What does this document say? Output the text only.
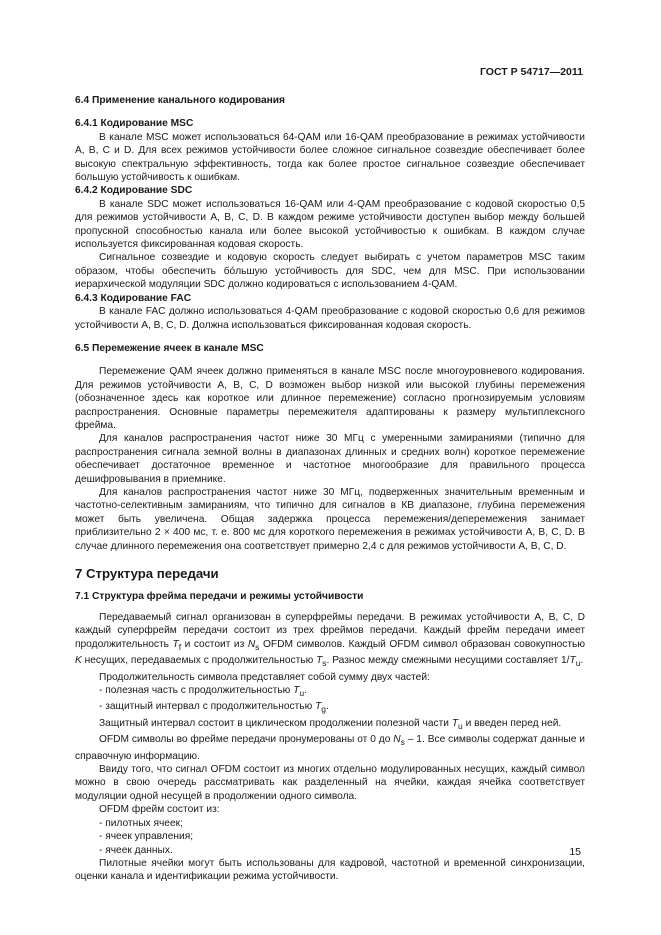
ГОСТ Р 54717—2011

6.4 Применение канального кодирования

6.4.1 Кодирование MSC

В канале MSC может использоваться 64-QAM или 16-QAM преобразование в режимах устойчивости A, B, C и D. Для всех режимов устойчивости более сложное сигнальное созвездие обеспечивает более высокую спектральную эффективность, тогда как более простое сигнальное созвездие обеспечивает большую устойчивость к ошибкам.

6.4.2 Кодирование SDC

В канале SDC может использоваться 16-QAM или 4-QAM преобразование с кодовой скоростью 0,5 для режимов устойчивости A, B, C, D. В каждом режиме устойчивости доступен выбор между большей пропускной способностью канала или более высокой устойчивостью к ошибкам. В каждом случае используется фиксированная кодовая скорость.

Сигнальное созвездие и кодовую скорость следует выбирать с учетом параметров MSC таким образом, чтобы обеспечить бóльшую устойчивость для SDC, чем для MSC. При использовании иерархической модуляции SDC должно кодироваться с использованием 4-QAM.

6.4.3 Кодирование FAC

В канале FAC должно использоваться 4-QAM преобразование с кодовой скоростью 0,6 для режимов устойчивости A, B, C, D. Должна использоваться фиксированная кодовая скорость.

6.5 Перемежение ячеек в канале MSC

Перемежение QAM ячеек должно применяться в канале MSC после многоуровневого кодирования. Для режимов устойчивости A, B, C, D возможен выбор низкой или высокой глубины перемежения (обозначенное здесь как короткое или длинное перемежение) согласно прогнозируемым условиям распространения. Основные параметры перемежителя адаптированы к размеру мультиплексного фрейма.

Для каналов распространения частот ниже 30 МГц с умеренными замираниями (типично для распространения сигнала земной волны в диапазонах длинных и средних волн) короткое перемежение обеспечивает достаточное временное и частотное многообразие для правильного процесса дешифровывания в приемнике.

Для каналов распространения частот ниже 30 МГц, подверженных значительным временным и частотно-селективным замираниям, что типично для сигналов в КВ диапазоне, глубина перемежения может быть увеличена. Общая задержка процесса перемежения/деперемежения занимает приблизительно 2 × 400 мс, т. е. 800 мс для короткого перемежения в режимах устойчивости A, B, C, D. В случае длинного перемежения она соответствует примерно 2,4 с для режимов устойчивости A, B, C, D.

7 Структура передачи

7.1 Структура фрейма передачи и режимы устойчивости

Передаваемый сигнал организован в суперфреймы передачи. В режимах устойчивости A, B, C, D каждый суперфрейм передачи состоит из трех фреймов передачи. Каждый фрейм передачи имеет продолжительность $T_f$ и состоит из $N_s$ OFDM символов. Каждый OFDM символ образован совокупностью K несущих, передаваемых с продолжительностью $T_s$. Разнос между смежными несущими составляет $1/T_u$.

Продолжительность символа представляет собой сумму двух частей:

- полезная часть с продолжительностью $T_u$.

- защитный интервал с продолжительностью $T_g$.

Защитный интервал состоит в циклическом продолжении полезной части $T_u$ и введен перед ней.

OFDM символы во фрейме передачи пронумерованы от 0 до $N_s - 1$. Все символы содержат данные и справочную информацию.

Ввиду того, что сигнал OFDM состоит из многих отдельно модулированных несущих, каждый символ можно в свою очередь рассматривать как разделенный на ячейки, каждая ячейка соответствует модуляции одной несущей в продолжении одного символа.

OFDM фрейм состоит из:

- пилотных ячеек;

- ячеек управления;

- ячеек данных.

Пилотные ячейки могут быть использованы для кадровой, частотной и временной синхронизации, оценки канала и идентификации режима устойчивости.

15
